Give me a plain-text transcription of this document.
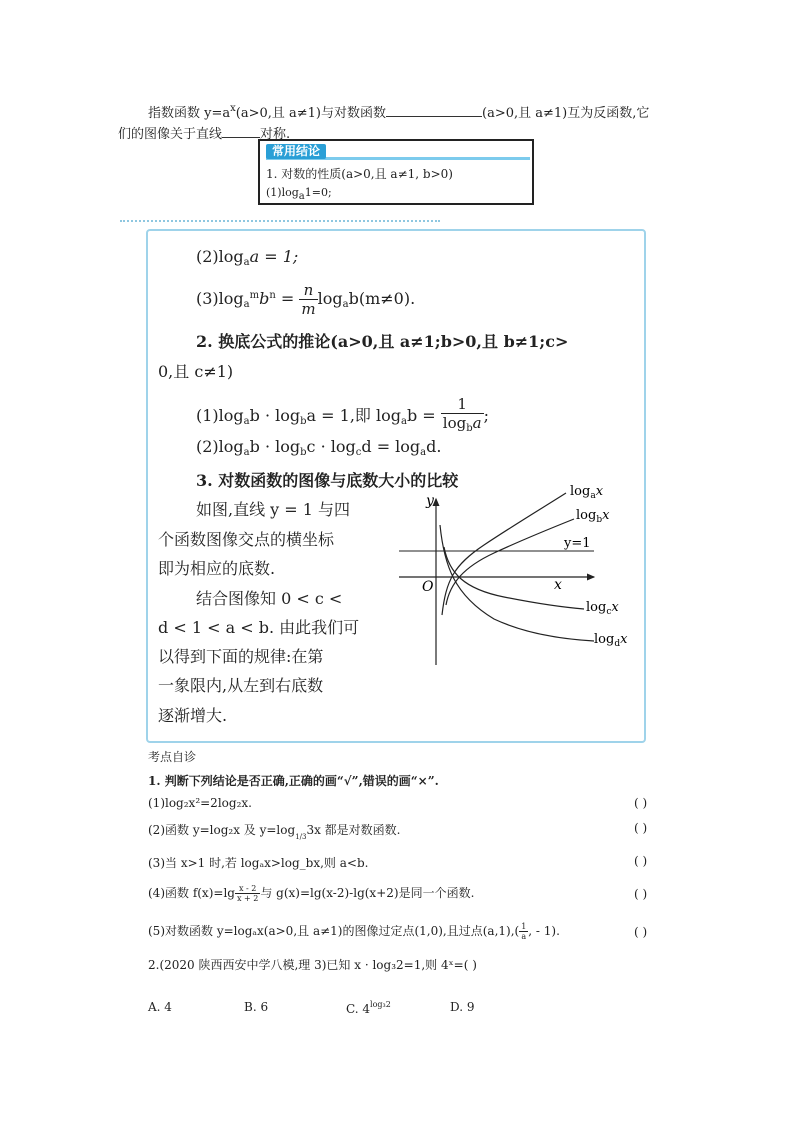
指数函数 $y=a^x(a>0$,且 a≠1)与对数函数	(a>0,且 a≠1)互为反函数,它
们的图像关于直线	对称.
常用结论
1. 对数的性质(a>0,且 a≠1, b>0)
(1)loga1=0;
$(2)\log_aa = 1$;
$(3)\log_a^mb^n = \frac{n}{m} \log_ab(m\ne 0)$.
2. 换底公式的推论(a>0,且 a≠1;b>0,且 b≠1;c>
0,且 c≠1)
$(1)\log_ab \cdot \log_ba = 1$,即 $\log_ab = \frac{1}{\log_ba}$ ;
$(2)\log_ab \cdot \log_bc \cdot \log_cd = \log_ad$.
3. 对数函数的图像与底数大小的比较
如图,直线 y = 1 与四
个函数图像交点的横坐标
即为相应的底数.
结合图像知 0 < c <
d < 1 < a < b. 由此我们可
以得到下面的规律:在第
一象限内,从左到右底数
逐渐增大.
y
x
O
y=1
$\log_ax$
$\log_bx$
$\log_cx$
$\log_dx$
考点自诊
1. 判断下列结论是否正确,正确的画“√”,错误的画“×”.
(1)log₂x²=2log₂x.	( )
(2)函数 y=log₂x 及 $y=\log_{1/3}3x$ 都是对数函数.	( )
(3)当 x>1 时,若 logₐx>log_bx,则 a<b.	( )
(4)函数 $f(x)=\lg \frac{x - 2}{x + 2}$ 与 g(x)=lg(x-2)-lg(x+2)是同一个函数.	( )
(5)对数函数 y=logₐx(a>0,且 a≠1)的图像过定点(1,0),且过点$(a,1),( \frac{1}{a}$ , - 1).	( )
2.(2020 陕西西安中学八模,理 3)已知 x · log₃2=1,则 4ˣ=( )
A. 4	B. 6	C. $4^{log_32}$	D. 9
